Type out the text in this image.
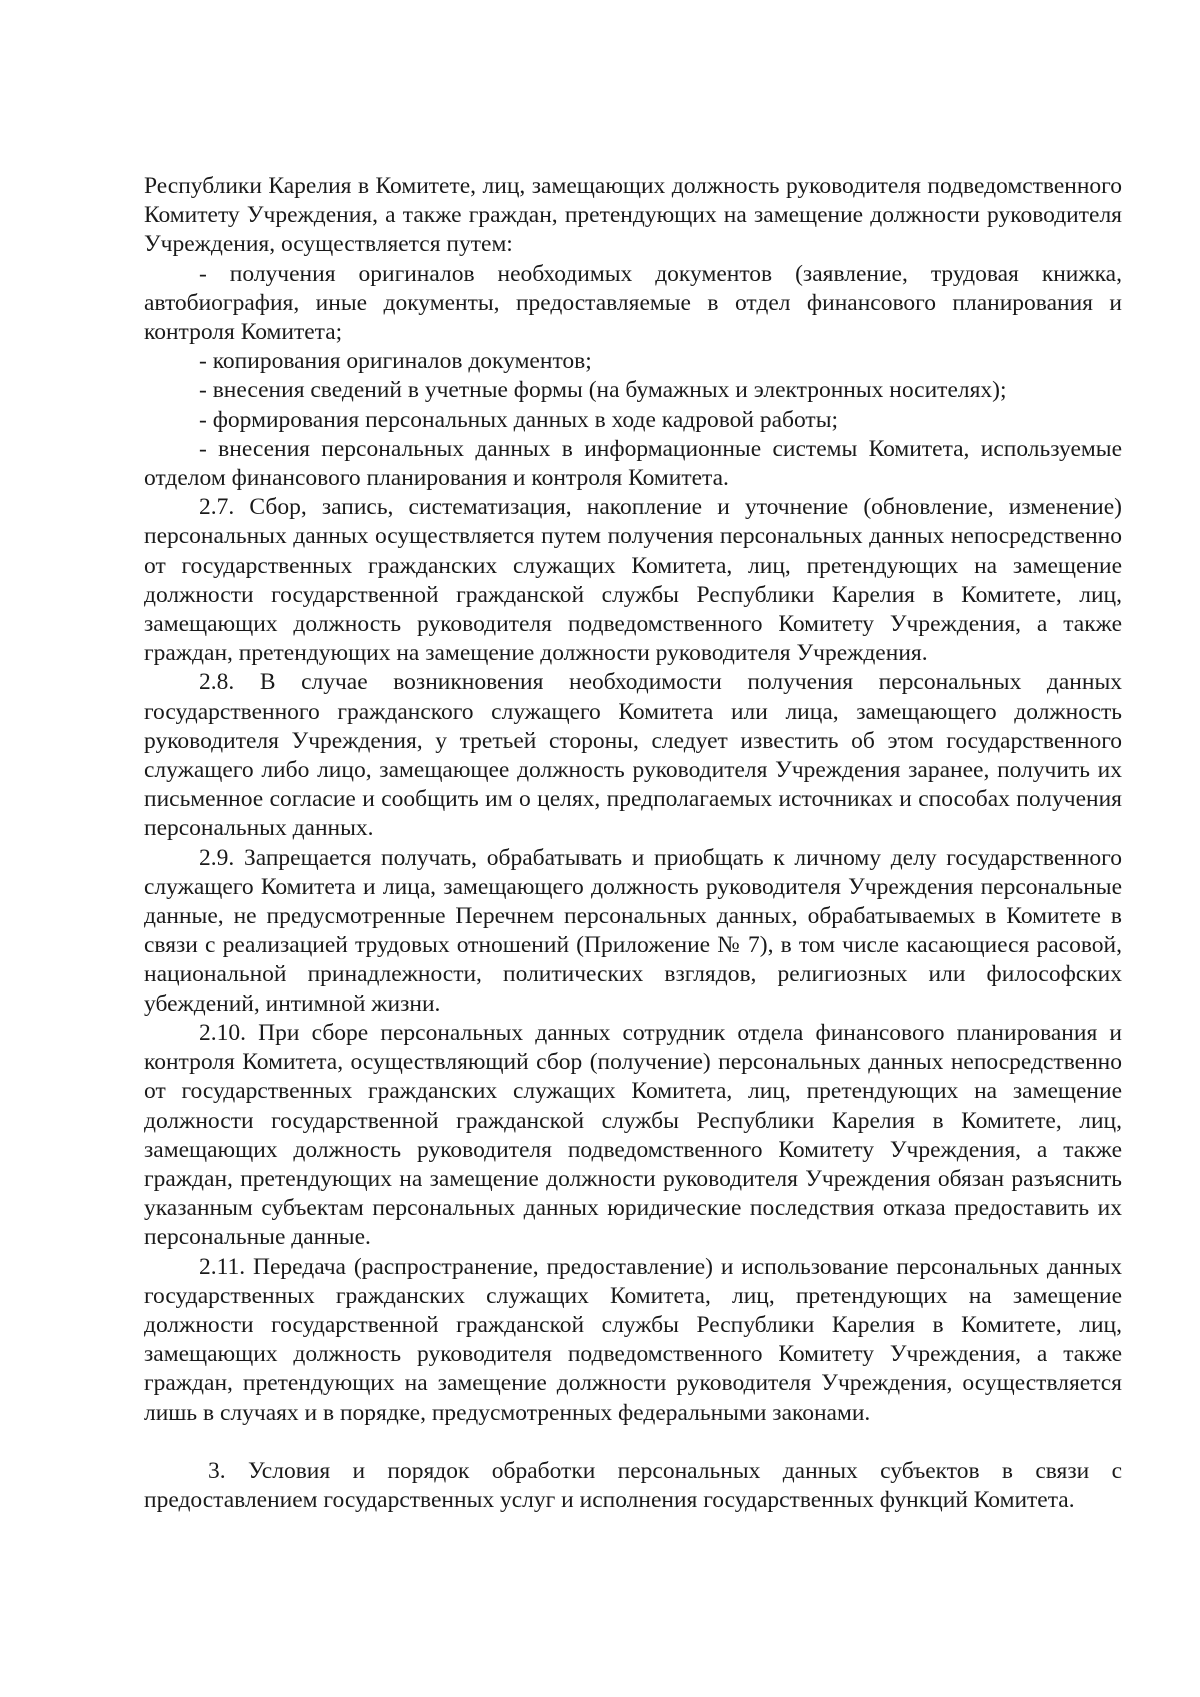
Республики Карелия в Комитете, лиц, замещающих должность руководителя подведомственного Комитету Учреждения, а также граждан, претендующих на замещение должности руководителя Учреждения, осуществляется путем:

- получения оригиналов необходимых документов (заявление, трудовая книжка, автобиография, иные документы, предоставляемые в отдел финансового планирования и контроля Комитета;

- копирования оригиналов документов;

- внесения сведений в учетные формы (на бумажных и электронных носителях);

- формирования персональных данных в ходе кадровой работы;

- внесения персональных данных в информационные системы Комитета, используемые отделом финансового планирования и контроля Комитета.

2.7. Сбор, запись, систематизация, накопление и уточнение (обновление, изменение) персональных данных осуществляется путем получения персональных данных непосредственно от государственных гражданских служащих Комитета, лиц, претендующих на замещение должности государственной гражданской службы Республики Карелия в Комитете, лиц, замещающих должность руководителя подведомственного Комитету Учреждения, а также граждан, претендующих на замещение должности руководителя Учреждения.

2.8. В случае возникновения необходимости получения персональных данных государственного гражданского служащего Комитета или лица, замещающего должность руководителя Учреждения, у третьей стороны, следует известить об этом государственного служащего либо лицо, замещающее должность руководителя Учреждения заранее, получить их письменное согласие и сообщить им о целях, предполагаемых источниках и способах получения персональных данных.

2.9. Запрещается получать, обрабатывать и приобщать к личному делу государственного служащего Комитета и лица, замещающего должность руководителя Учреждения персональные данные, не предусмотренные Перечнем персональных данных, обрабатываемых в Комитете в связи с реализацией трудовых отношений (Приложение № 7), в том числе касающиеся расовой, национальной принадлежности, политических взглядов, религиозных или философских убеждений, интимной жизни.

2.10. При сборе персональных данных сотрудник отдела финансового планирования и контроля Комитета, осуществляющий сбор (получение) персональных данных непосредственно от государственных гражданских служащих Комитета, лиц, претендующих на замещение должности государственной гражданской службы Республики Карелия в Комитете, лиц, замещающих должность руководителя подведомственного Комитету Учреждения, а также граждан, претендующих на замещение должности руководителя Учреждения обязан разъяснить указанным субъектам персональных данных юридические последствия отказа предоставить их персональные данные.

2.11. Передача (распространение, предоставление) и использование персональных данных государственных гражданских служащих Комитета, лиц, претендующих на замещение должности государственной гражданской службы Республики Карелия в Комитете, лиц, замещающих должность руководителя подведомственного Комитету Учреждения, а также граждан, претендующих на замещение должности руководителя Учреждения, осуществляется лишь в случаях и в порядке, предусмотренных федеральными законами.

3. Условия и порядок обработки персональных данных субъектов в связи с предоставлением государственных услуг и исполнения государственных функций Комитета.
